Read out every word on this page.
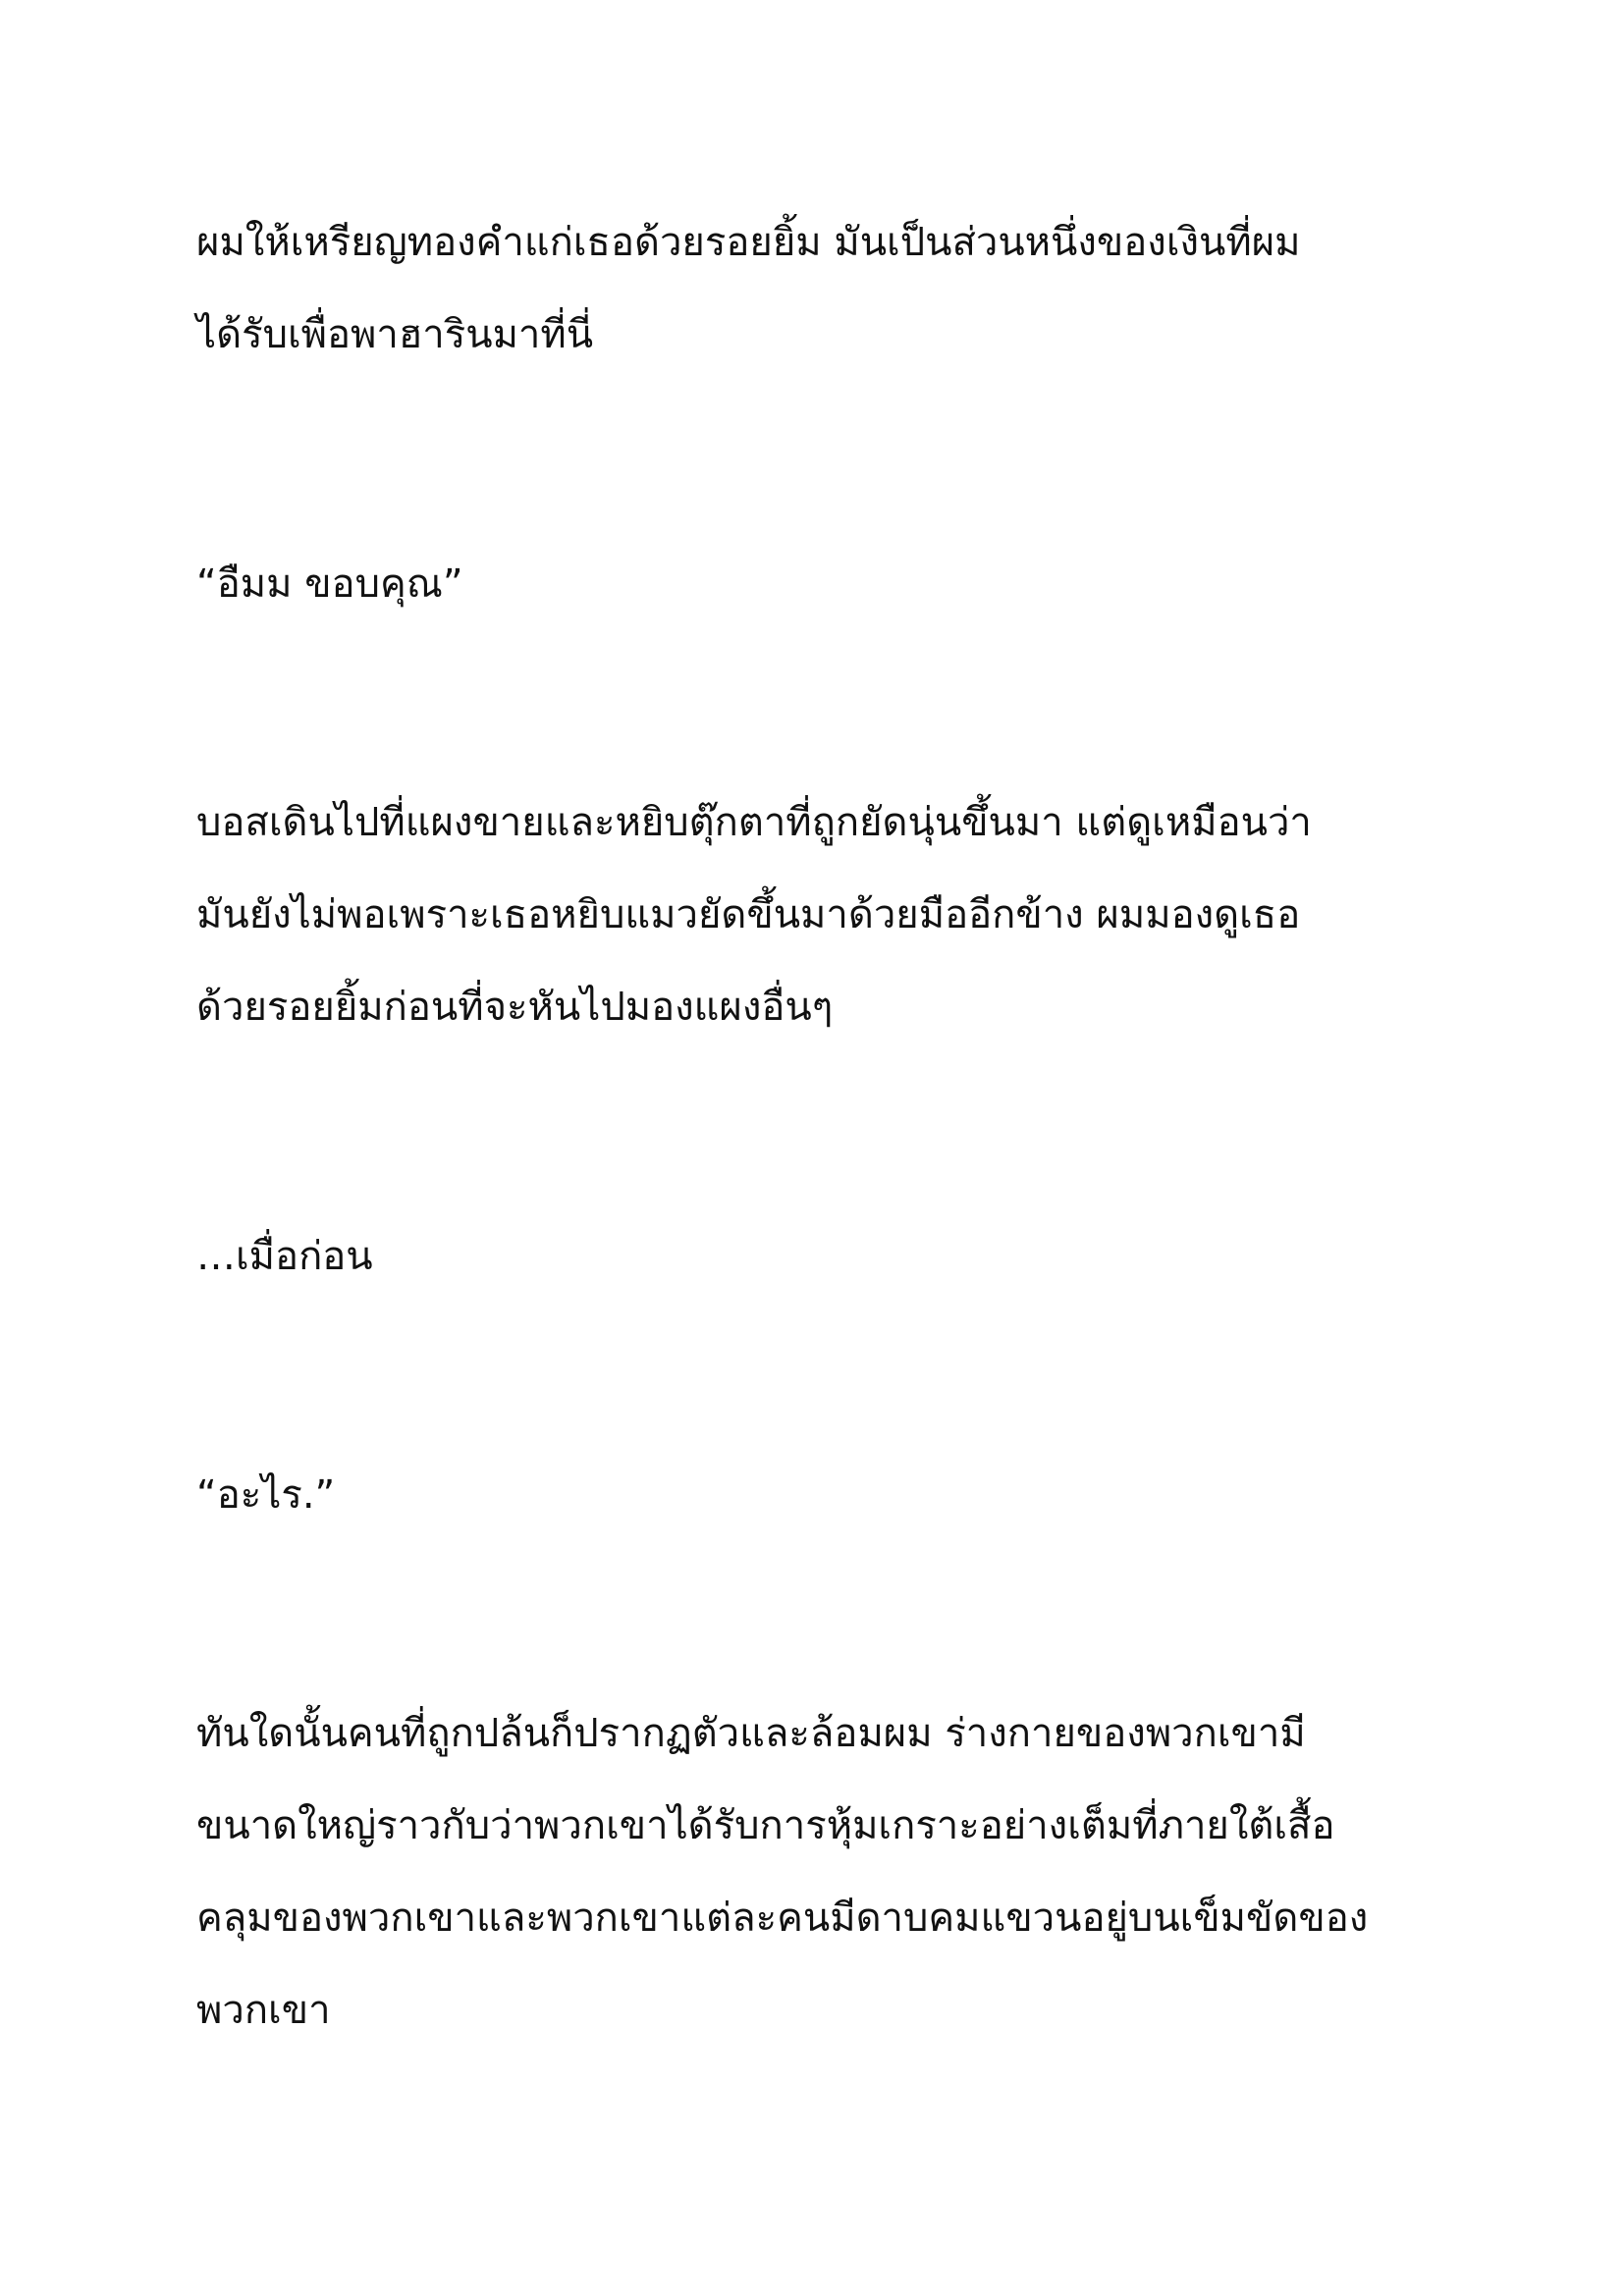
ผมให้เหรียญทองคำแก่เธอด้วยรอยยิ้ม มันเป็นส่วนหนึ่งของเงินที่ผม
ได้รับเพื่อพาฮารินมาที่นี่

“อืมม ขอบคุณ”

บอสเดินไปที่แผงขายและหยิบตุ๊กตาที่ถูกยัดนุ่นขึ้นมา แต่ดูเหมือนว่า
มันยังไม่พอเพราะเธอหยิบแมวยัดขึ้นมาด้วยมืออีกข้าง ผมมองดูเธอ
ด้วยรอยยิ้มก่อนที่จะหันไปมองแผงอื่นๆ

…เมื่อก่อน

“อะไร.”

ทันใดนั้นคนที่ถูกปล้นก็ปรากฏตัวและล้อมผม ร่างกายของพวกเขามี
ขนาดใหญ่ราวกับว่าพวกเขาได้รับการหุ้มเกราะอย่างเต็มที่ภายใต้เสื้อ
คลุมของพวกเขาและพวกเขาแต่ละคนมีดาบคมแขวนอยู่บนเข็มขัดของ
พวกเขา
